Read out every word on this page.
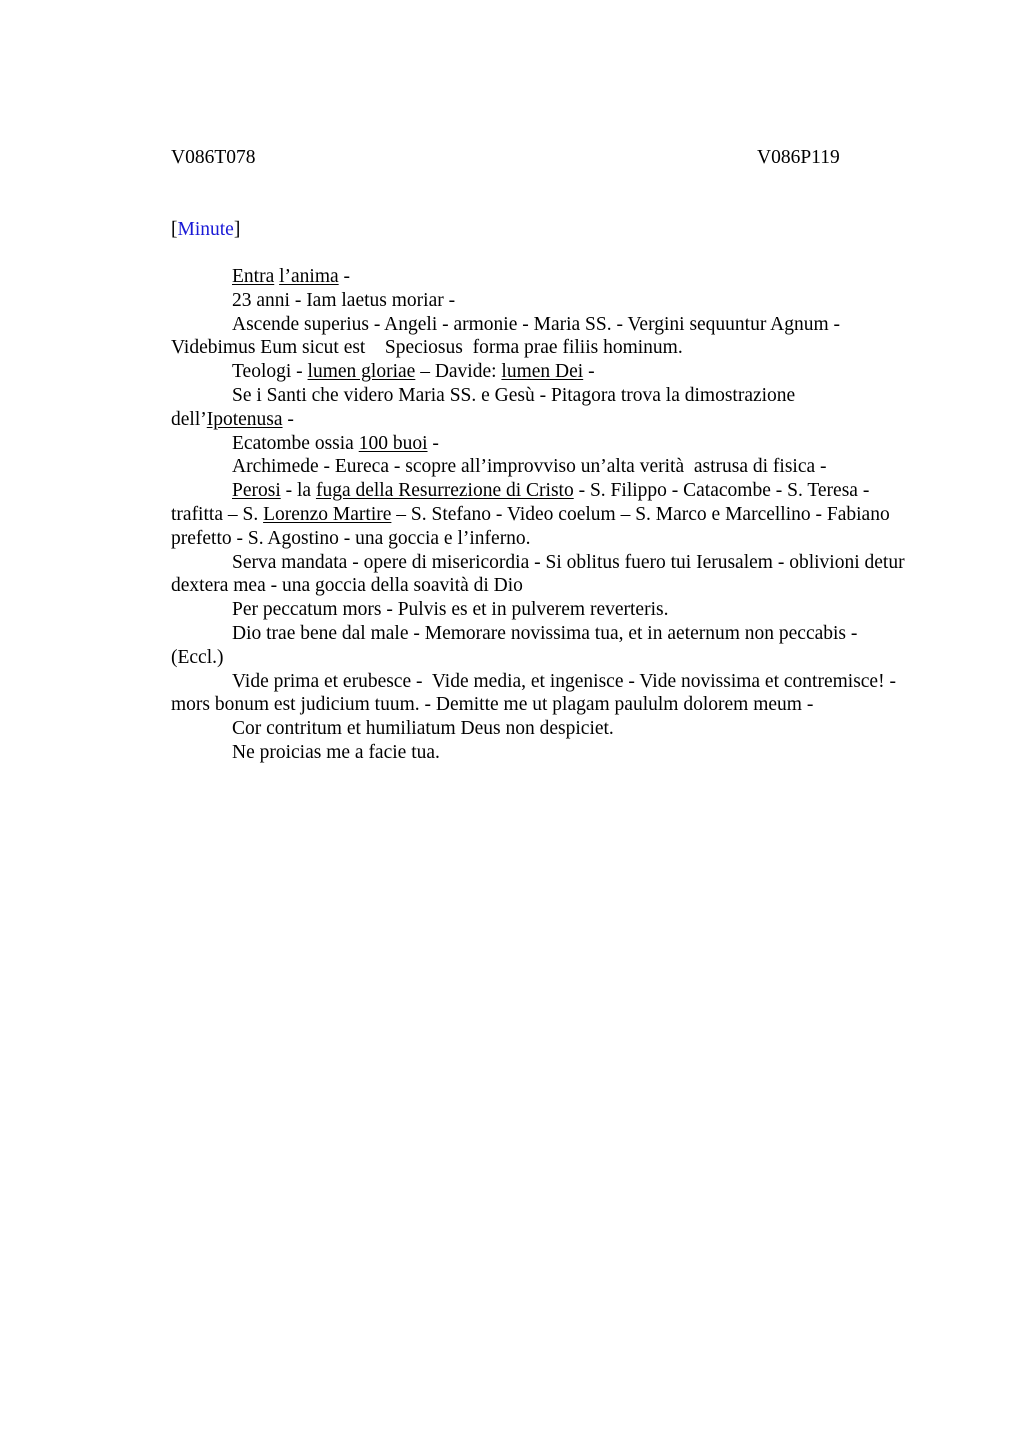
V086T078	V086P119
[Minute]

Entra l’anima -

23 anni - Iam laetus moriar -

Ascende superius - Angeli - armonie - Maria SS. - Vergini sequuntur Agnum - Videbimus Eum sicut est    Speciosus  forma prae filiis hominum.

Teologi - lumen gloriae – Davide: lumen Dei -

Se i Santi che videro Maria SS. e Gesù - Pitagora trova la dimostrazione dell’Ipotenusa -

Ecatombe ossia 100 buoi -

Archimede - Eureca - scopre all’improvviso un’alta verità  astrusa di fisica -

Perosi - la fuga della Resurrezione di Cristo - S. Filippo - Catacombe - S. Teresa - trafitta – S. Lorenzo Martire – S. Stefano - Video coelum – S. Marco e Marcellino - Fabiano prefetto - S. Agostino - una goccia e l’inferno.

Serva mandata - opere di misericordia - Si oblitus fuero tui Ierusalem - oblivioni detur dextera mea - una goccia della soavità di Dio

Per peccatum mors - Pulvis es et in pulverem reverteris.

Dio trae bene dal male - Memorare novissima tua, et in aeternum non peccabis - (Eccl.)

Vide prima et erubesce -  Vide media, et ingenisce - Vide novissima et contremisce! - mors bonum est judicium tuum. - Demitte me ut plagam paululm dolorem meum -

Cor contritum et humiliatum Deus non despiciet.

Ne proicias me a facie tua.
